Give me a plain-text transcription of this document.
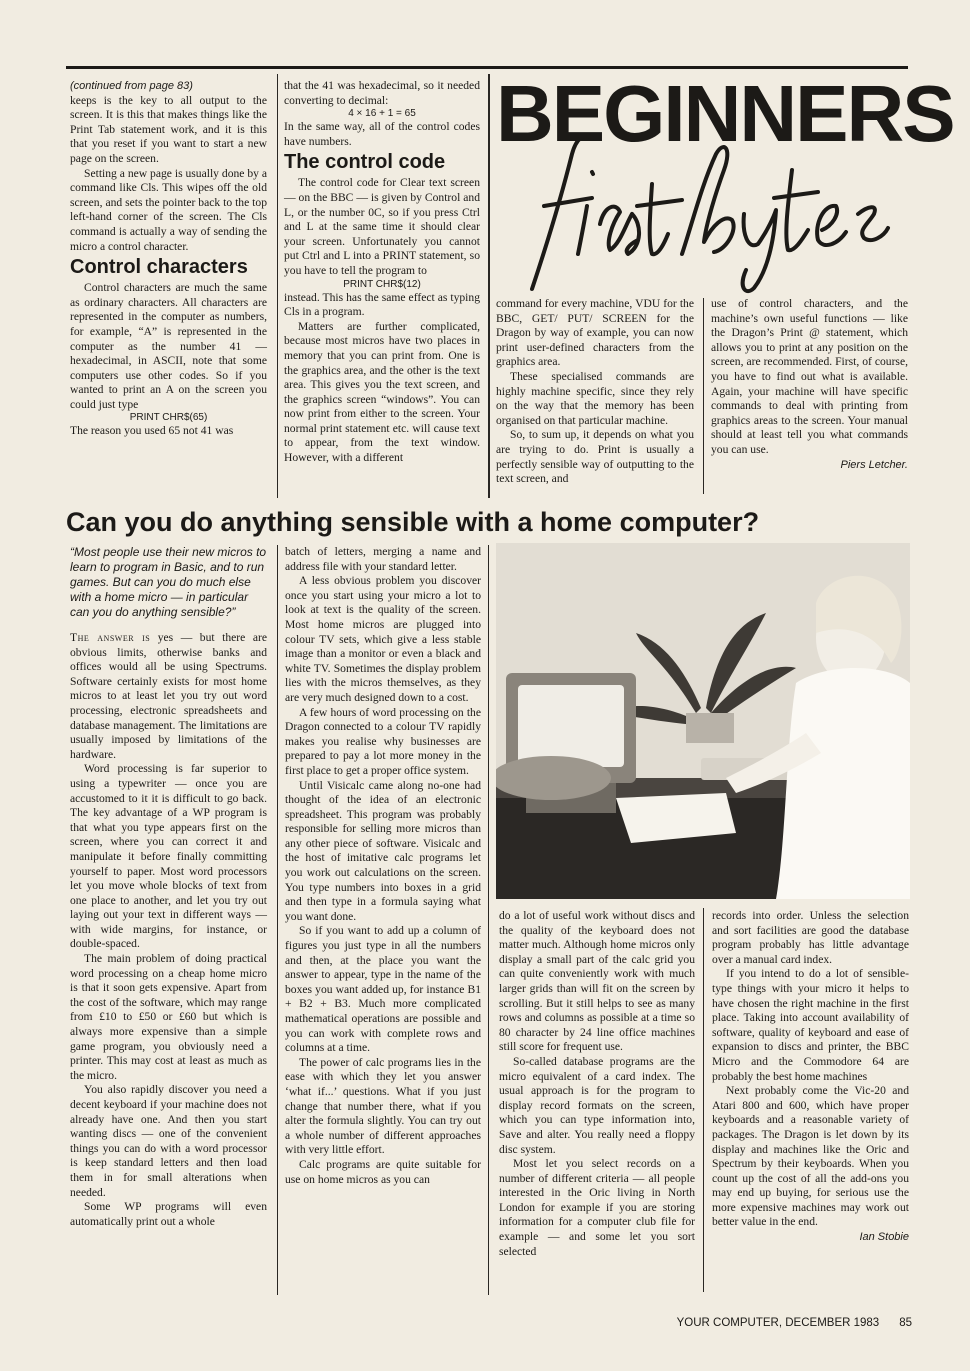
BEGINNERS

(continued from page 83)

keeps is the key to all output to the screen. It is this that makes things like the Print Tab statement work, and it is this that you reset if you want to start a new page on the screen.

Setting a new page is usually done by a command like Cls. This wipes off the old screen, and sets the pointer back to the top left-hand corner of the screen. The Cls command is actually a way of sending the micro a control character.

Control characters

Control characters are much the same as ordinary characters. All characters are represented in the computer as numbers, for example, “A” is represented in the computer as the number 41 — hexadecimal, in ASCII, note that some computers use other codes. So if you wanted to print an A on the screen you could just type

PRINT CHR$(65)

The reason you used 65 not 41 was

that the 41 was hexadecimal, so it needed converting to decimal:

4 × 16 + 1 = 65

In the same way, all of the control codes have numbers.

The control code

The control code for Clear text screen — on the BBC — is given by Control and L, or the number 0C, so if you press Ctrl and L at the same time it should clear your screen. Unfortunately you cannot put Ctrl and L into a PRINT statement, so you have to tell the program to

PRINT CHR$(12)

instead. This has the same effect as typing Cls in a program.

Matters are further complicated, because most micros have two places in memory that you can print from. One is the graphics area, and the other is the text area. This gives you the text screen, and the graphics screen “windows”. You can now print from either to the screen. Your normal print statement etc. will cause text to appear, from the text window. However, with a different

command for every machine, VDU for the BBC, GET/ PUT/ SCREEN for the Dragon by way of example, you can now print user-defined characters from the graphics area.

These specialised commands are highly machine specific, since they rely on the way that the memory has been organised on that particular machine.

So, to sum up, it depends on what you are trying to do. Print is usually a perfectly sensible way of outputting to the text screen, and

use of control characters, and the machine’s own useful functions — like the Dragon’s Print @ statement, which allows you to print at any position on the screen, are recommended. First, of course, you have to find out what is available. Again, your machine will have specific commands to deal with printing from graphics areas to the screen. Your manual should at least tell you what commands you can use.

Piers Letcher.

Can you do anything sensible with a home computer?

“Most people use their new micros to learn to program in Basic, and to run games. But can you do much else with a home micro — in particular can you do anything sensible?”

The answer is yes — but there are obvious limits, otherwise banks and offices would all be using Spectrums. Software certainly exists for most home micros to at least let you try out word processing, electronic spreadsheets and database management. The limitations are usually imposed by limitations of the hardware.

Word processing is far superior to using a typewriter — once you are accustomed to it it is difficult to go back. The key advantage of a WP program is that what you type appears first on the screen, where you can correct it and manipulate it before finally committing yourself to paper. Most word processors let you move whole blocks of text from one place to another, and let you try out laying out your text in different ways — with wide margins, for instance, or double-spaced.

The main problem of doing practical word processing on a cheap home micro is that it soon gets expensive. Apart from the cost of the software, which may range from £10 to £50 or £60 but which is always more expensive than a simple game program, you obviously need a printer. This may cost at least as much as the micro.

You also rapidly discover you need a decent keyboard if your machine does not already have one. And then you start wanting discs — one of the convenient things you can do with a word processor is keep standard letters and then load them in for small alterations when needed.

Some WP programs will even automatically print out a whole

batch of letters, merging a name and address file with your standard letter.

A less obvious problem you discover once you start using your micro a lot to look at text is the quality of the screen. Most home micros are plugged into colour TV sets, which give a less stable image than a monitor or even a black and white TV. Sometimes the display problem lies with the micros themselves, as they are very much designed down to a cost.

A few hours of word processing on the Dragon connected to a colour TV rapidly makes you realise why businesses are prepared to pay a lot more money in the first place to get a proper office system.

Until Visicalc came along no-one had thought of the idea of an electronic spreadsheet. This program was probably responsible for selling more micros than any other piece of software. Visicalc and the host of imitative calc programs let you work out calculations on the screen. You type numbers into boxes in a grid and then type in a formula saying what you want done.

So if you want to add up a column of figures you just type in all the numbers and then, at the place you want the answer to appear, type in the name of the boxes you want added up, for instance B1 + B2 + B3. Much more complicated mathematical operations are possible and you can work with complete rows and columns at a time.

The power of calc programs lies in the ease with which they let you answer ‘what if...’ questions. What if you just change that number there, what if you alter the formula slightly. You can try out a whole number of different approaches with very little effort.

Calc programs are quite suitable for use on home micros as you can

do a lot of useful work without discs and the quality of the keyboard does not matter much. Although home micros only display a small part of the calc grid you can quite conveniently work with much larger grids than will fit on the screen by scrolling. But it still helps to see as many rows and columns as possible at a time so 80 character by 24 line office machines still score for frequent use.

So-called database programs are the micro equivalent of a card index. The usual approach is for the program to display record formats on the screen, which you can type information into, Save and alter. You really need a floppy disc system.

Most let you select records on a number of different criteria — all people interested in the Oric living in North London for example if you are storing information for a computer club file for example — and some let you sort selected

records into order. Unless the selection and sort facilities are good the database program probably has little advantage over a manual card index.

If you intend to do a lot of sensible-type things with your micro it helps to have chosen the right machine in the first place. Taking into account availability of software, quality of keyboard and ease of expansion to discs and printer, the BBC Micro and the Commodore 64 are probably the best home machines

Next probably come the Vic-20 and Atari 800 and 600, which have proper keyboards and a reasonable variety of packages. The Dragon is let down by its display and machines like the Oric and Spectrum by their keyboards. When you count up the cost of all the add-ons you may end up buying, for serious use the more expensive machines may work out better value in the end.

Ian Stobie

YOUR COMPUTER, DECEMBER 1983 85
